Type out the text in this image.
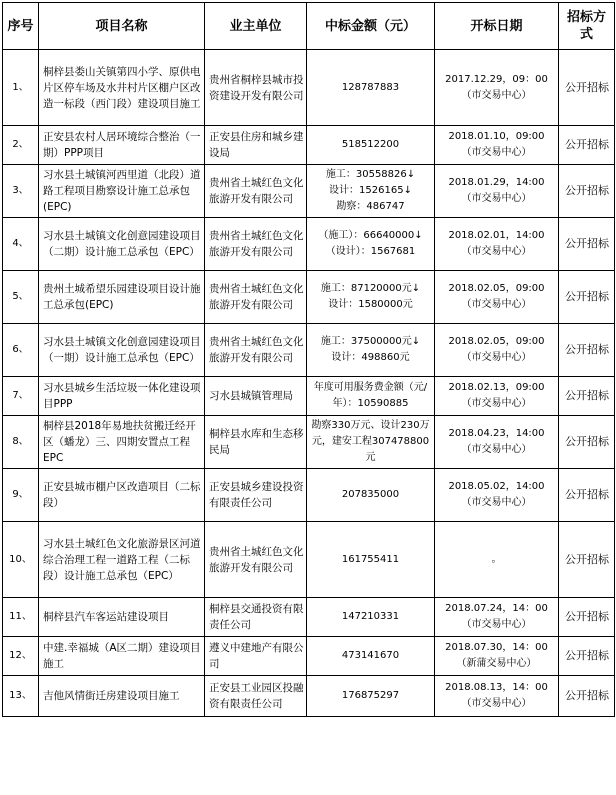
序号	项目名称	业主单位	中标金额（元）	开标日期	招标方式
1、	桐梓县娄山关镇第四小学、原供电片区停车场及水井村片区棚户区改造一标段（西门段）建设项目施工	贵州省桐梓县城市投资建设开发有限公司	128787883	2017.12.29，09：00
（市交易中心）	公开招标
2、	正安县农村人居环境综合整治（一期）PPP项目	正安县住房和城乡建设局	518512200	2018.01.10，09:00
（市交易中心）	公开招标
3、	习水县土城镇河西里道（北段）道路工程项目勘察设计施工总承包(EPC)	贵州省土城红色文化旅游开发有限公司	施工：30558826↓
设计：1526165↓
勘察：486747	2018.01.29，14:00
（市交易中心）	公开招标
4、	习水县土城镇文化创意园建设项目（二期）设计施工总承包（EPC）	贵州省土城红色文化旅游开发有限公司	（施工）：66640000↓
（设计）：1567681	2018.02.01，14:00
（市交易中心）	公开招标
5、	贵州土城希望乐园建设项目设计施工总承包(EPC)	贵州省土城红色文化旅游开发有限公司	施工：87120000元↓
设计：1580000元	2018.02.05，09:00
（市交易中心）	公开招标
6、	习水县土城镇文化创意园建设项目（一期）设计施工总承包（EPC）	贵州省土城红色文化旅游开发有限公司	施工：37500000元↓
设计：498860元	2018.02.05，09:00
（市交易中心）	公开招标
7、	习水县城乡生活垃圾一体化建设项目PPP	习水县城镇管理局	年度可用服务费金额（元/年）：10590885	2018.02.13，09:00
（市交易中心）	公开招标
8、	桐梓县2018年易地扶贫搬迁经开区（蟠龙）三、四期安置点工程 EPC	桐梓县水库和生态移民局	勘察330万元、设计230万元，建安工程307478800元	2018.04.23，14:00
（市交易中心）	公开招标
9、	正安县城市棚户区改造项目（二标段）	正安县城乡建设投资有限责任公司	207835000	2018.05.02，14:00
（市交易中心）	公开招标
10、	习水县土城红色文化旅游景区河道综合治理工程一道路工程（二标段）设计施工总承包（EPC）	贵州省土城红色文化旅游开发有限公司	161755411	。	公开招标
11、	桐梓县汽车客运站建设项目	桐梓县交通投资有限责任公司	147210331	2018.07.24，14：00
（市交易中心）	公开招标
12、	中建.幸福城（A区二期）建设项目施工	遵义中建地产有限公司	473141670	2018.07.30，14：00
（新蒲交易中心）	公开招标
13、	吉他风情街迁房建设项目施工	正安县工业园区投融资有限责任公司	176875297	2018.08.13，14：00
（市交易中心）	公开招标
